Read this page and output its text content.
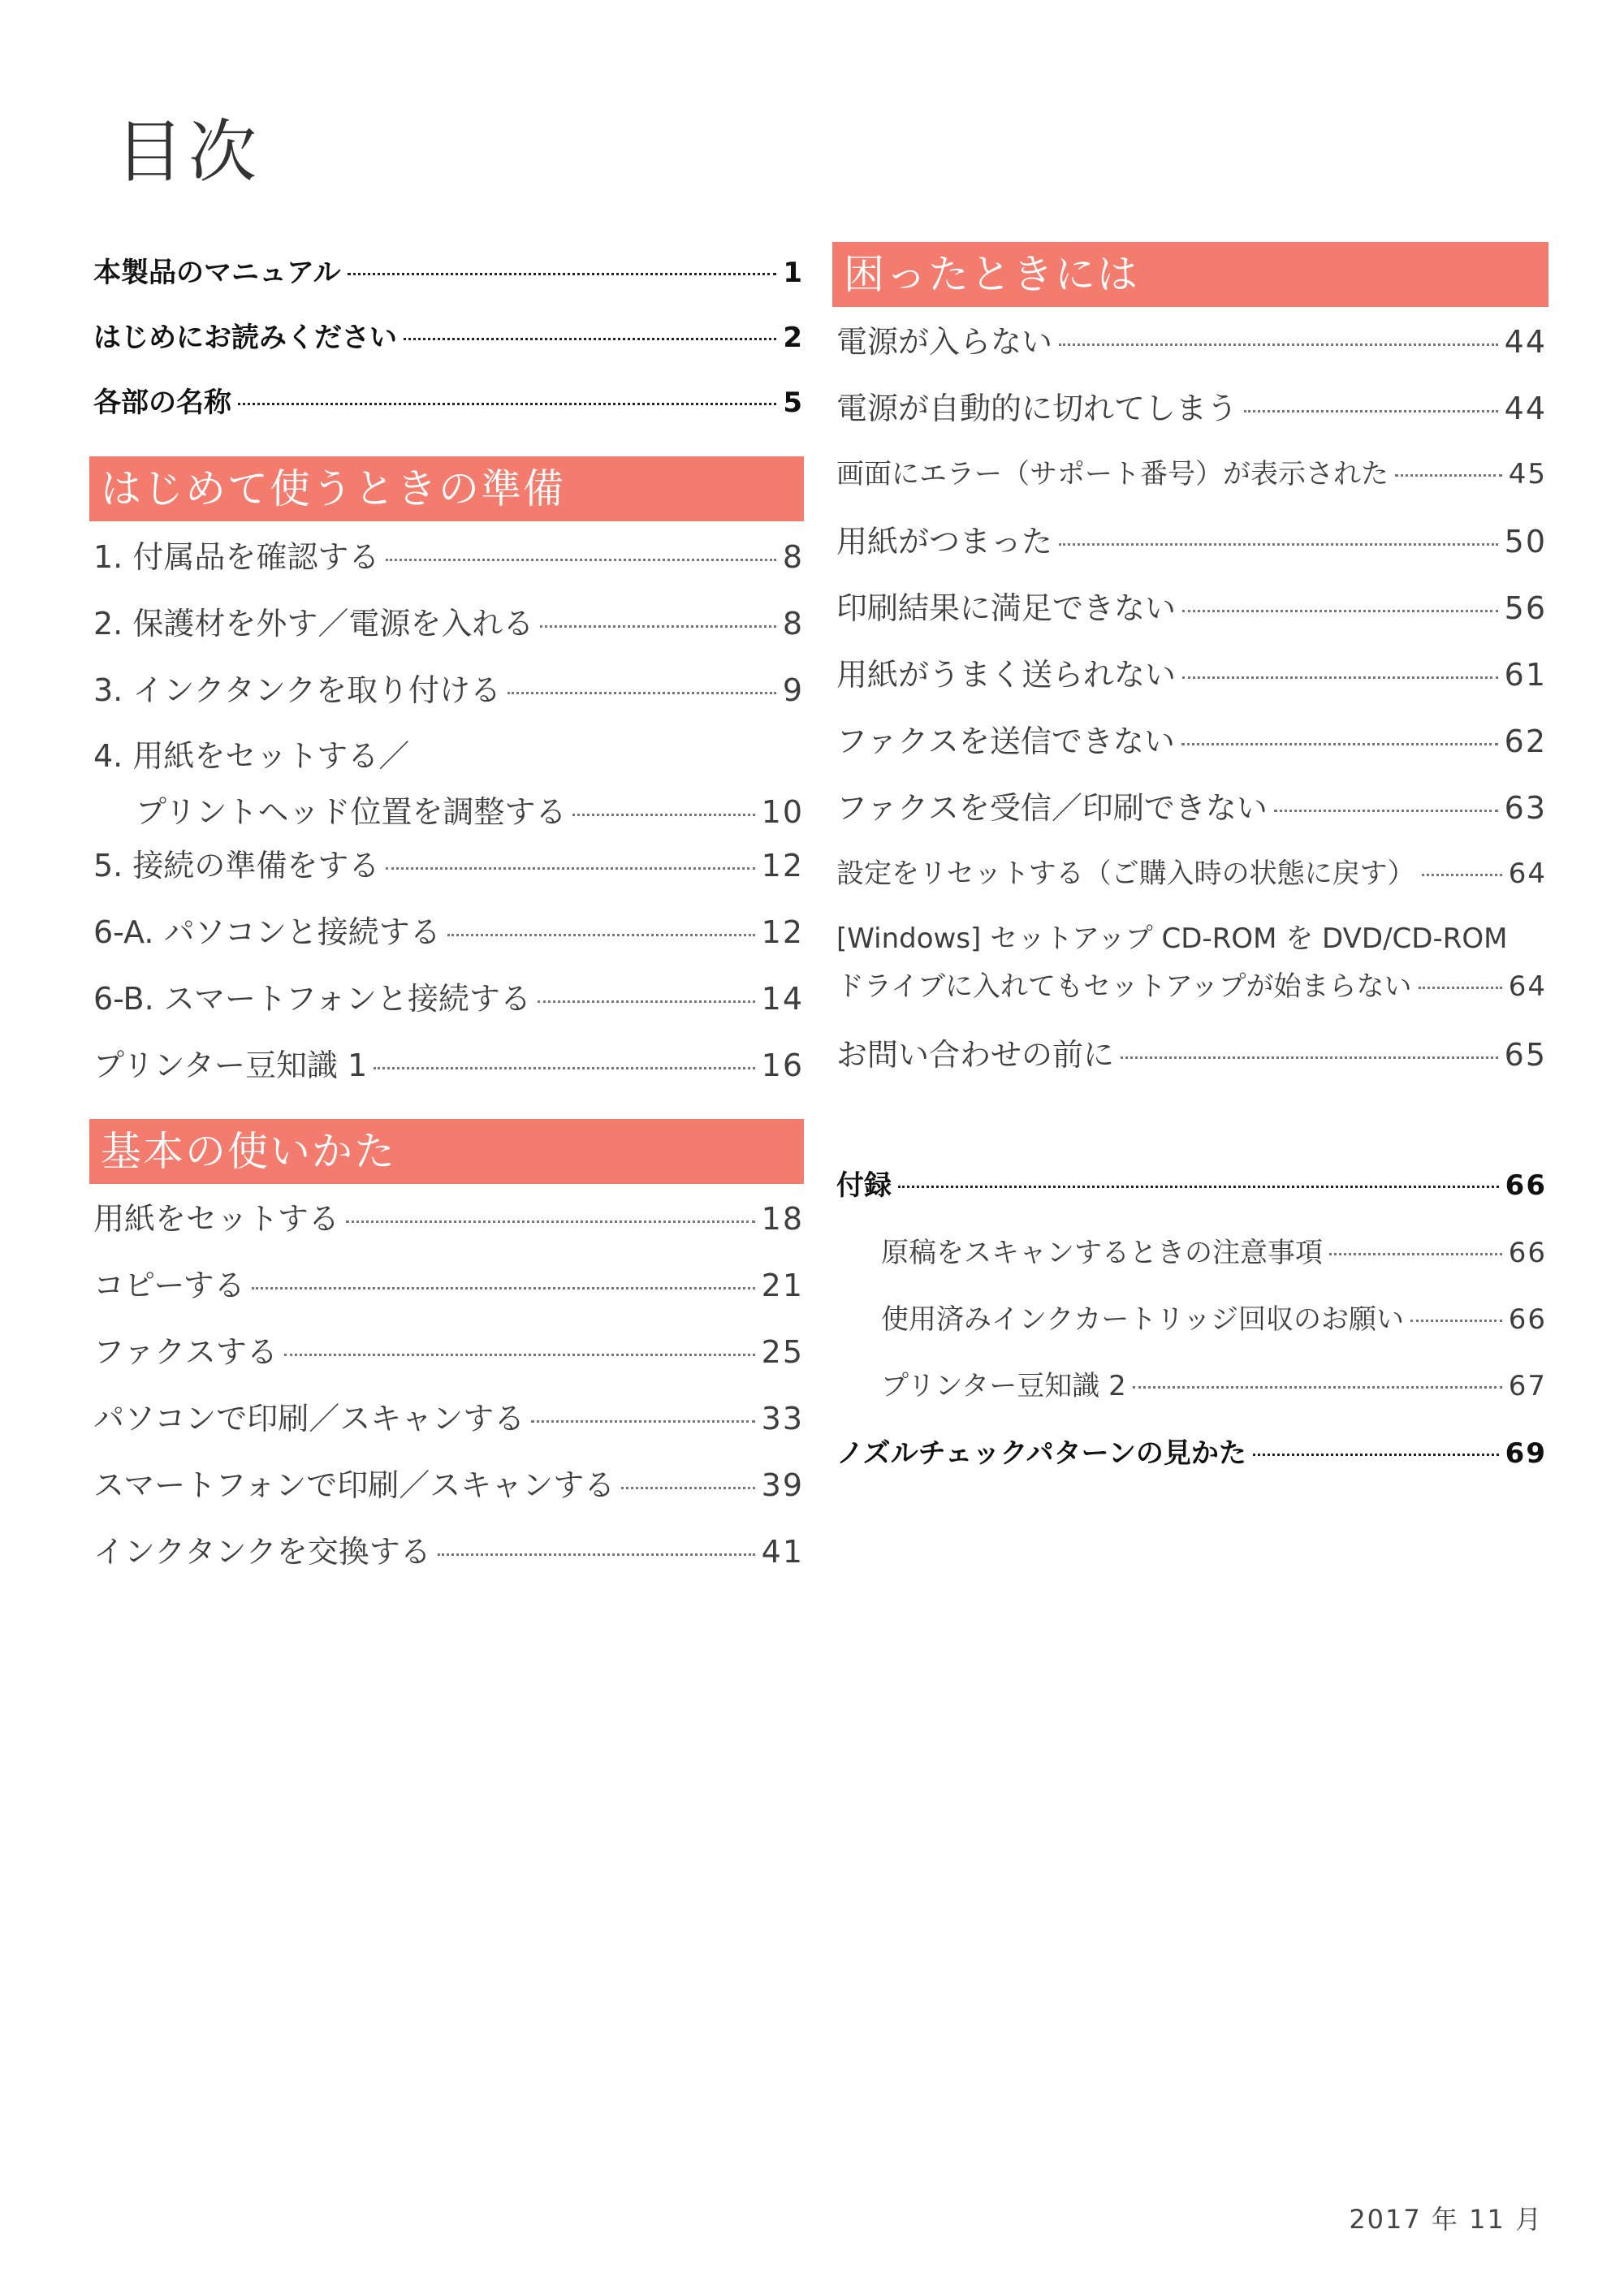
目次
本製品のマニュアル	1
はじめにお読みください	2
各部の名称	5
はじめて使うときの準備
1. 付属品を確認する	8
2. 保護材を外す／電源を入れる	8
3. インクタンクを取り付ける	9
4. 用紙をセットする／
プリントヘッド位置を調整する	10
5. 接続の準備をする	12
6-A. パソコンと接続する	12
6-B. スマートフォンと接続する	14
プリンター豆知識 1	16
基本の使いかた
用紙をセットする	18
コピーする	21
ファクスする	25
パソコンで印刷／スキャンする	33
スマートフォンで印刷／スキャンする	39
インクタンクを交換する	41
困ったときには
電源が入らない	44
電源が自動的に切れてしまう	44
画面にエラー（サポート番号）が表示された	45
用紙がつまった	50
印刷結果に満足できない	56
用紙がうまく送られない	61
ファクスを送信できない	62
ファクスを受信／印刷できない	63
設定をリセットする（ご購入時の状態に戻す）	64
[Windows] セットアップ CD-ROM を DVD/CD-ROM
ドライブに入れてもセットアップが始まらない	64
お問い合わせの前に	65
付録	66
原稿をスキャンするときの注意事項	66
使用済みインクカートリッジ回収のお願い	66
プリンター豆知識 2	67
ノズルチェックパターンの見かた	69
2017 年 11 月
